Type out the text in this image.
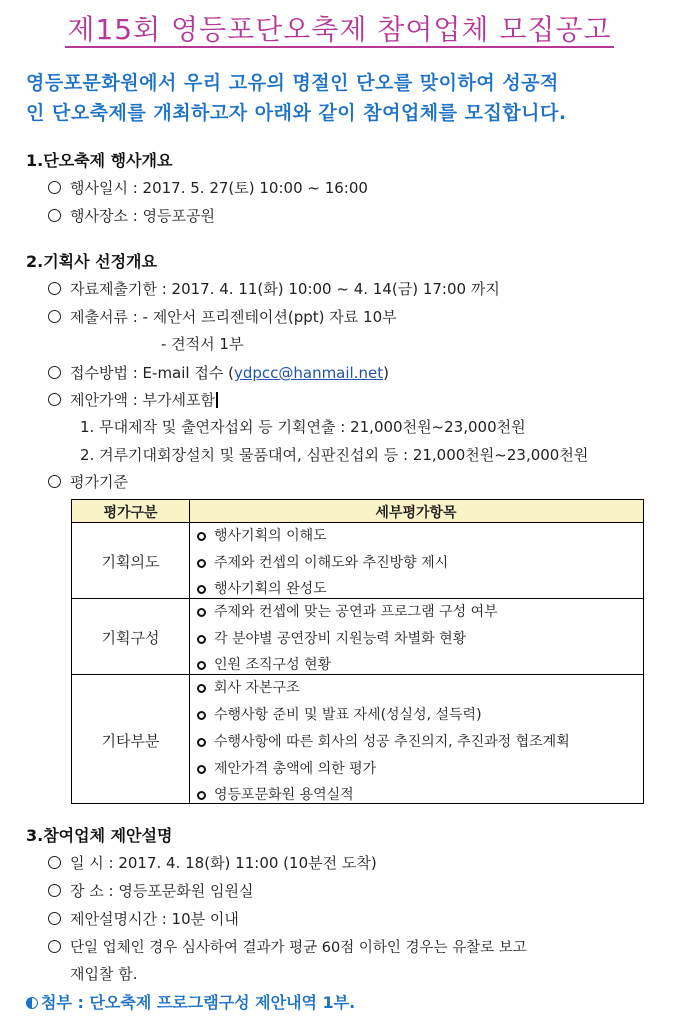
제15회 영등포단오축제 참여업체 모집공고
영등포문화원에서 우리 고유의 명절인 단오를 맞이하여 성공적
인 단오축제를 개최하고자 아래와 같이 참여업체를 모집합니다.
1.단오축제 행사개요
행사일시 : 2017. 5. 27(토) 10:00 ~ 16:00
행사장소 : 영등포공원
2.기획사 선정개요
자료제출기한 : 2017. 4. 11(화) 10:00 ~ 4. 14(금) 17:00 까지
제출서류 : - 제안서 프리젠테이션(ppt) 자료 10부
- 견적서 1부
접수방법 : E-mail 접수 (ydpcc@hanmail.net)
제안가액 : 부가세포함
1. 무대제작 및 출연자섭외 등 기획연출 : 21,000천원~23,000천원
2. 겨루기대회장설치 및 물품대여, 심판진섭외 등 : 21,000천원~23,000천원
평가기준
평가구분	세부평가항목
기획의도
행사기획의 이해도
주제와 컨셉의 이해도와 추진방향 제시
행사기획의 완성도
기획구성
주제와 컨셉에 맞는 공연과 프로그램 구성 여부
각 분야별 공연장비 지원능력 차별화 현황
인원 조직구성 현황
기타부분
회사 자본구조
수행사항 준비 및 발표 자세(성실성, 설득력)
수행사항에 따른 회사의 성공 추진의지, 추진과정 협조계획
제안가격 총액에 의한 평가
영등포문화원 용역실적
3.참여업체 제안설명
일 시 : 2017. 4. 18(화) 11:00 (10분전 도착)
장 소 : 영등포문화원 임원실
제안설명시간 : 10분 이내
단일 업체인 경우 심사하여 결과가 평균 60점 이하인 경우는 유찰로 보고
재입찰 함.
첨부 : 단오축제 프로그램구성 제안내역 1부.
